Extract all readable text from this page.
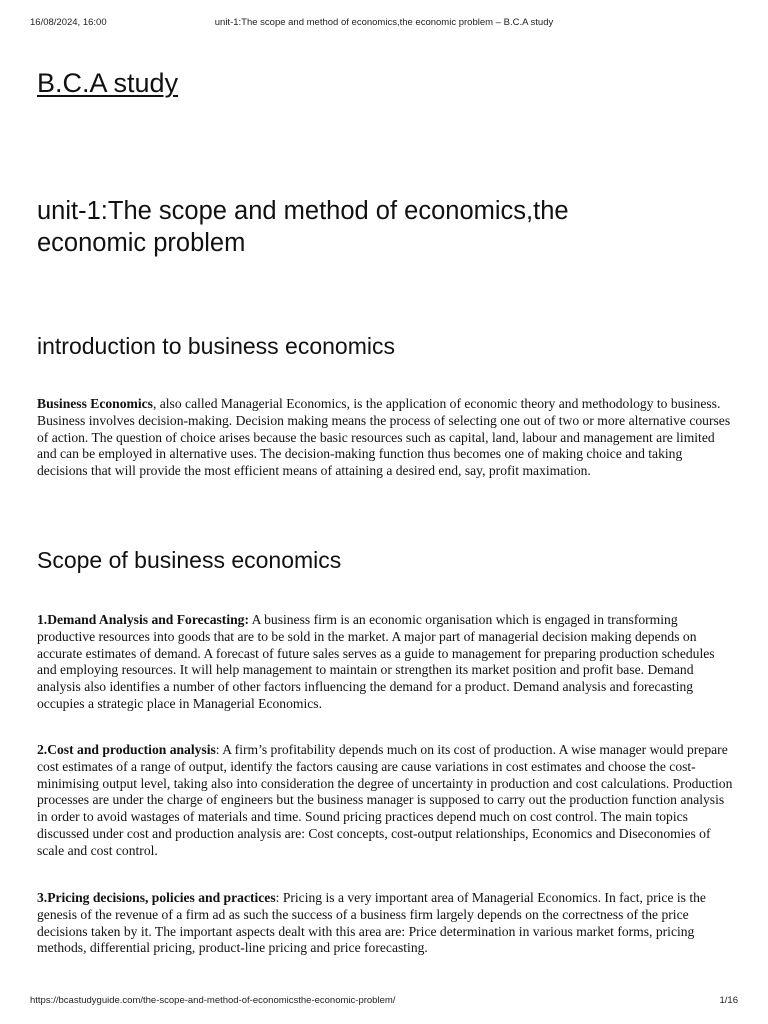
16/08/2024, 16:00	unit-1:The scope and method of economics,the economic problem – B.C.A study
B.C.A study
unit-1:The scope and method of economics,the economic problem
introduction to business economics

Business Economics, also called Managerial Economics, is the application of economic theory and methodology to business. Business involves decision-making. Decision making means the process of selecting one out of two or more alternative courses of action. The question of choice arises because the basic resources such as capital, land, labour and management are limited and can be employed in alternative uses. The decision-making function thus becomes one of making choice and taking decisions that will provide the most efficient means of attaining a desired end, say, profit maximation.

Scope of business economics

1.Demand Analysis and Forecasting: A business firm is an economic organisation which is engaged in transforming productive resources into goods that are to be sold in the market. A major part of managerial decision making depends on accurate estimates of demand. A forecast of future sales serves as a guide to management for preparing production schedules and employing resources. It will help management to maintain or strengthen its market position and profit base. Demand analysis also identifies a number of other factors influencing the demand for a product. Demand analysis and forecasting occupies a strategic place in Managerial Economics.

2.Cost and production analysis: A firm’s profitability depends much on its cost of production. A wise manager would prepare cost estimates of a range of output, identify the factors causing are cause variations in cost estimates and choose the cost-minimising output level, taking also into consideration the degree of uncertainty in production and cost calculations. Production processes are under the charge of engineers but the business manager is supposed to carry out the production function analysis in order to avoid wastages of materials and time. Sound pricing practices depend much on cost control. The main topics discussed under cost and production analysis are: Cost concepts, cost-output relationships, Economics and Diseconomies of scale and cost control.

3.Pricing decisions, policies and practices: Pricing is a very important area of Managerial Economics. In fact, price is the genesis of the revenue of a firm ad as such the success of a business firm largely depends on the correctness of the price decisions taken by it. The important aspects dealt with this area are: Price determination in various market forms, pricing methods, differential pricing, product-line pricing and price forecasting.

https://bcastudyguide.com/the-scope-and-method-of-economicsthe-economic-problem/	1/16
